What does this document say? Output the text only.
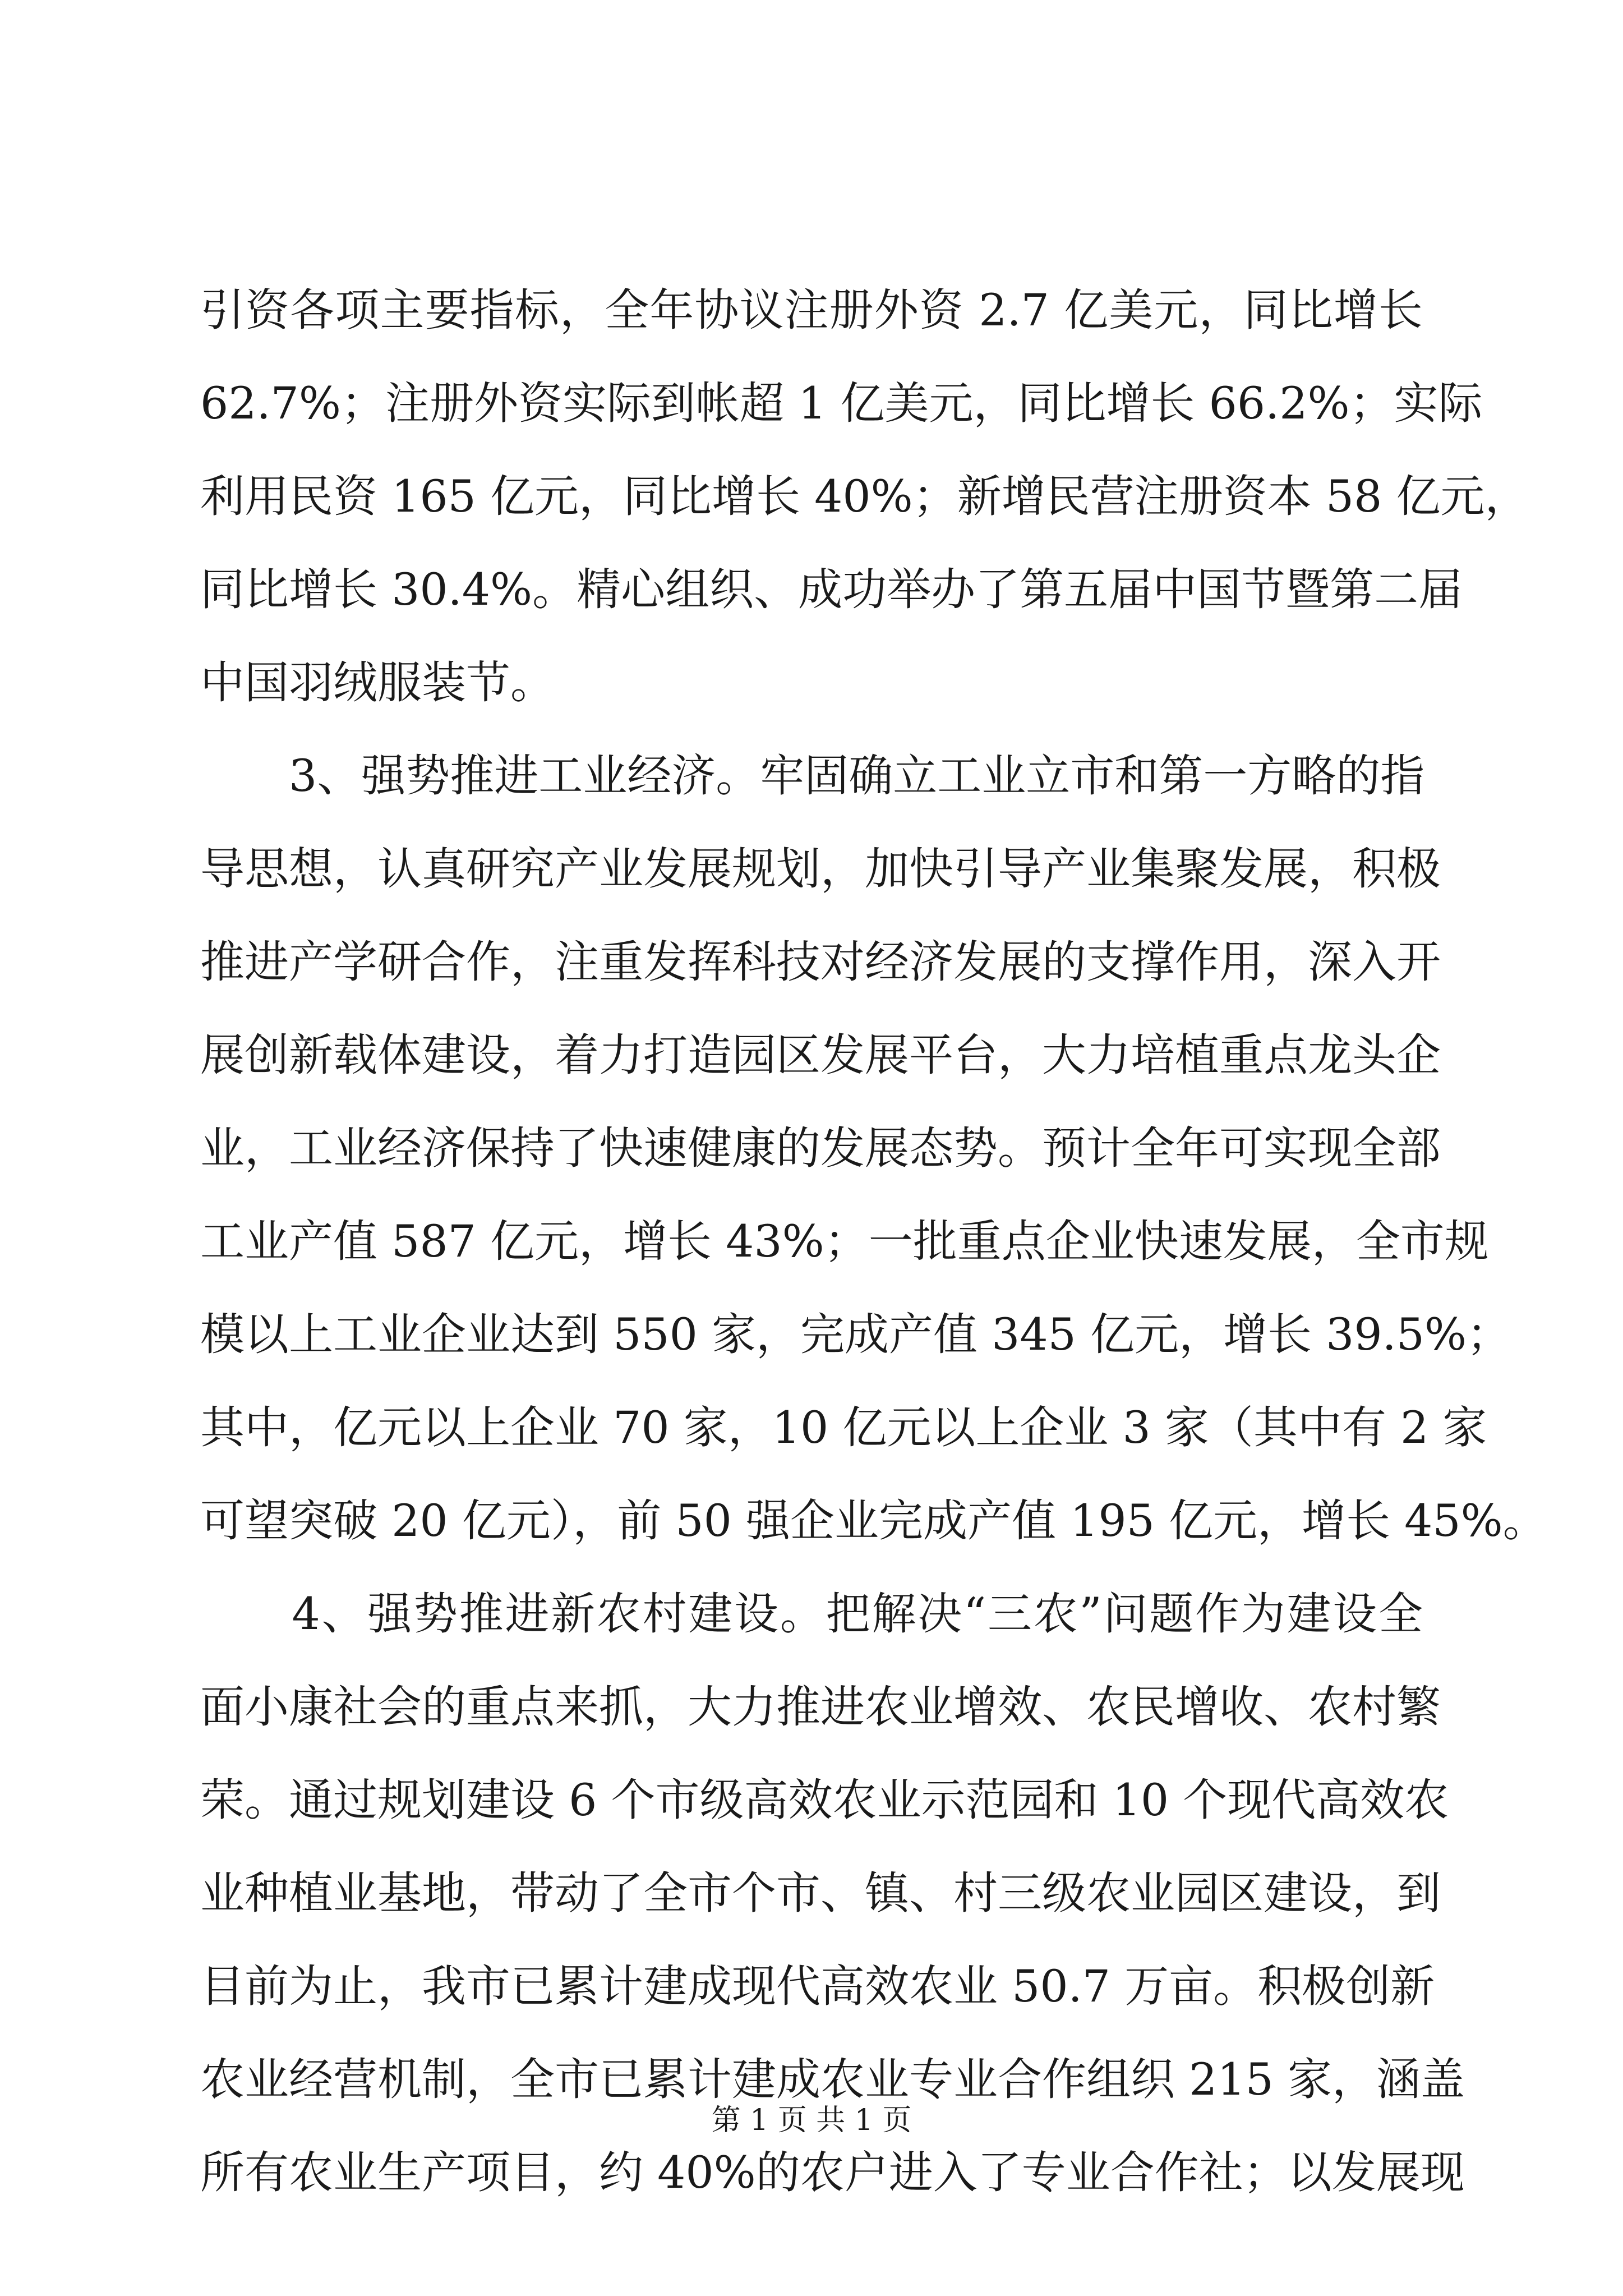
引资各项主要指标，全年协议注册外资 2.7 亿美元，同比增长
62.7%；注册外资实际到帐超 1 亿美元，同比增长 66.2%；实际
利用民资 165 亿元，同比增长 40%；新增民营注册资本 58 亿元，
同比增长 30.4%。精心组织、成功举办了第五届中国节暨第二届
中国羽绒服装节。
　　3、强势推进工业经济。牢固确立工业立市和第一方略的指
导思想，认真研究产业发展规划，加快引导产业集聚发展，积极
推进产学研合作，注重发挥科技对经济发展的支撑作用，深入开
展创新载体建设，着力打造园区发展平台，大力培植重点龙头企
业，工业经济保持了快速健康的发展态势。预计全年可实现全部
工业产值 587 亿元，增长 43%；一批重点企业快速发展，全市规
模以上工业企业达到 550 家，完成产值 345 亿元，增长 39.5%；
其中，亿元以上企业 70 家，10 亿元以上企业 3 家（其中有 2 家
可望突破 20 亿元），前 50 强企业完成产值 195 亿元，增长 45%。
　　4、强势推进新农村建设。把解决“三农”问题作为建设全
面小康社会的重点来抓，大力推进农业增效、农民增收、农村繁
荣。通过规划建设 6 个市级高效农业示范园和 10 个现代高效农
业种植业基地，带动了全市个市、镇、村三级农业园区建设，到
目前为止，我市已累计建成现代高效农业 50.7 万亩。积极创新
农业经营机制，全市已累计建成农业专业合作组织 215 家，涵盖
所有农业生产项目，约 40%的农户进入了专业合作社；以发展现
第 1 页 共 1 页
